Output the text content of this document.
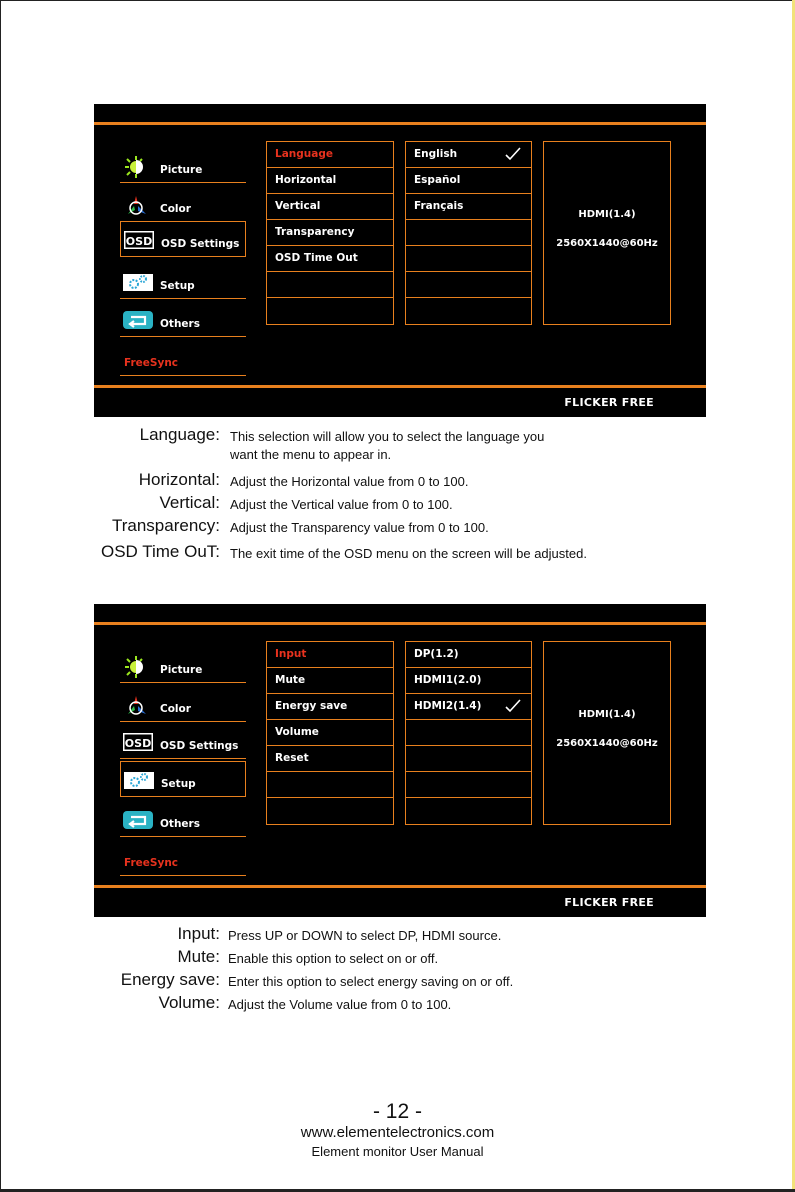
Picture
Color
OSD OSD Settings
Setup
Others
FreeSync
Language
Horizontal
Vertical
Transparency
OSD Time Out
English
Español
Français
HDMI(1.4)
2560X1440@60Hz
FLICKER FREE
Language: This selection will allow you to select the language you
want the menu to appear in.
Horizontal: Adjust the Horizontal value from 0 to 100.
Vertical: Adjust the Vertical value from 0 to 100.
Transparency: Adjust the Transparency value from 0 to 100.
OSD Time OuT: The exit time of the OSD menu on the screen will be adjusted.
Picture
Color
OSD OSD Settings
Setup
Others
FreeSync
Input
Mute
Energy save
Volume
Reset
DP(1.2)
HDMI1(2.0)
HDMI2(1.4)
HDMI(1.4)
2560X1440@60Hz
FLICKER FREE
Input: Press UP or DOWN to select DP, HDMI source.
Mute: Enable this option to select on or off.
Energy save: Enter this option to select energy saving on or off.
Volume: Adjust the Volume value from 0 to 100.
- 12 -
www.elementelectronics.com
Element monitor User Manual
